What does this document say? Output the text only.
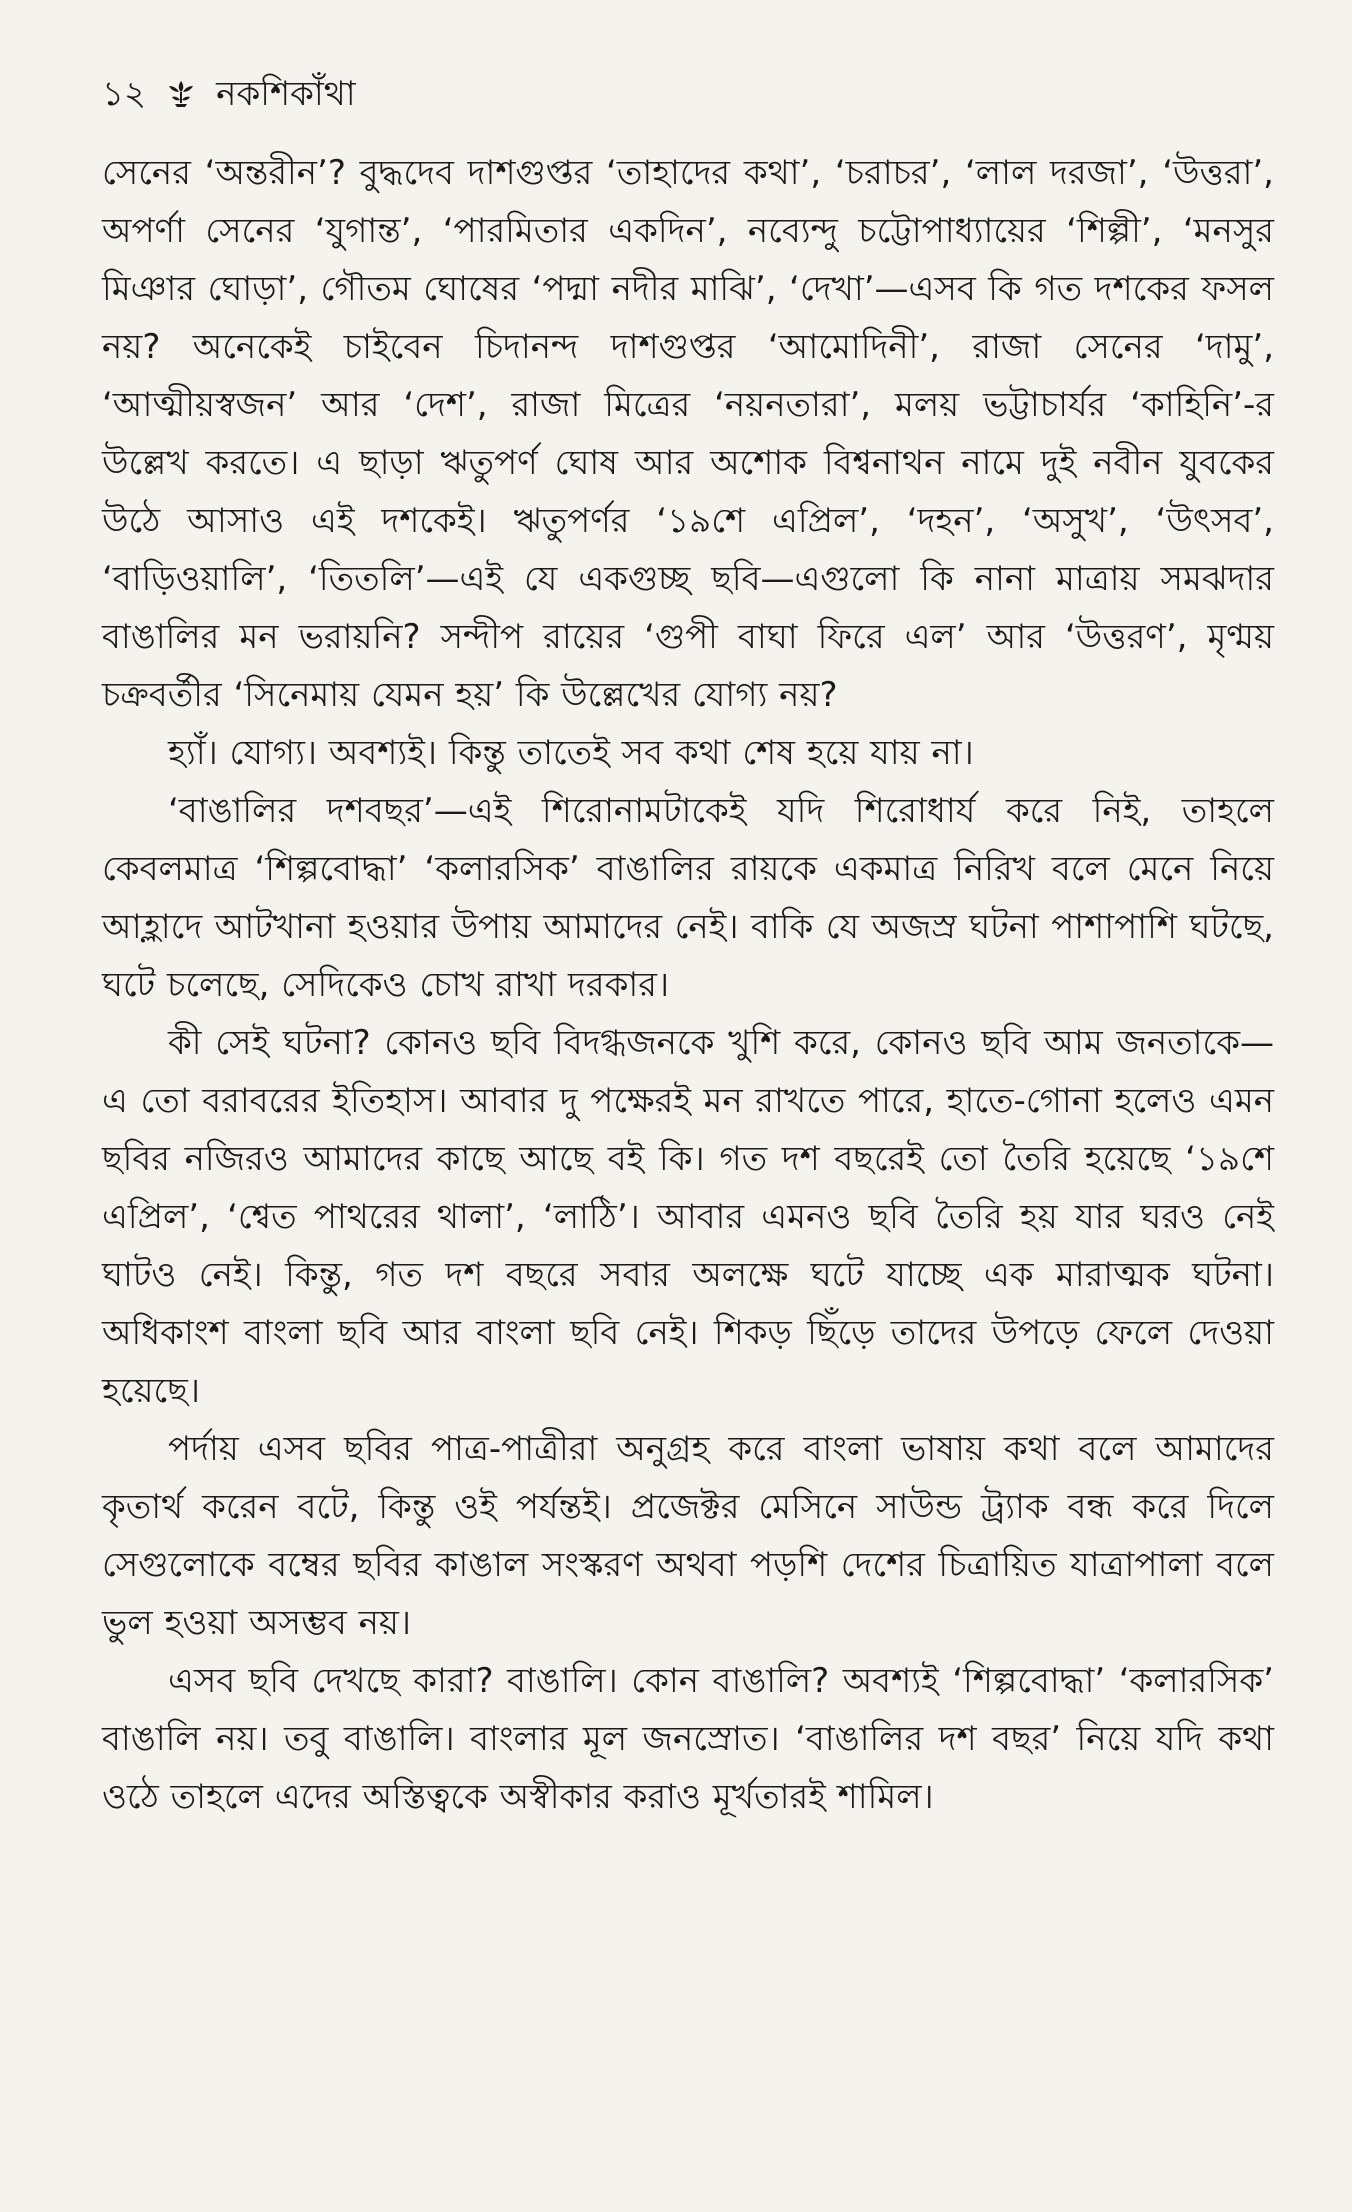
১২ নকশিকাঁথা

সেনের ‘অন্তরীন’? বুদ্ধদেব দাশগুপ্তর ‘তাহাদের কথা’, ‘চরাচর’, ‘লাল দরজা’, ‘উত্তরা’, অপর্ণা সেনের ‘যুগান্ত’, ‘পারমিতার একদিন’, নব্যেন্দু চট্টোপাধ্যায়ের ‘শিল্পী’, ‘মনসুর মিঞার ঘোড়া’, গৌতম ঘোষের ‘পদ্মা নদীর মাঝি’, ‘দেখা’—এসব কি গত দশকের ফসল নয়? অনেকেই চাইবেন চিদানন্দ দাশগুপ্তর ‘আমোদিনী’, রাজা সেনের ‘দামু’, ‘আত্মীয়স্বজন’ আর ‘দেশ’, রাজা মিত্রের ‘নয়নতারা’, মলয় ভট্টাচার্যর ‘কাহিনি’-র উল্লেখ করতে। এ ছাড়া ঋতুপর্ণ ঘোষ আর অশোক বিশ্বনাথন নামে দুই নবীন যুবকের উঠে আসাও এই দশকেই। ঋতুপর্ণর ‘১৯শে এপ্রিল’, ‘দহন’, ‘অসুখ’, ‘উৎসব’, ‘বাড়িওয়ালি’, ‘তিতলি’—এই যে একগুচ্ছ ছবি—এগুলো কি নানা মাত্রায় সমঝদার বাঙালির মন ভরায়নি? সন্দীপ রায়ের ‘গুপী বাঘা ফিরে এল’ আর ‘উত্তরণ’, মৃণ্ময় চক্রবর্তীর ‘সিনেমায় যেমন হয়’ কি উল্লেখের যোগ্য নয়?

হ্যাঁ। যোগ্য। অবশ্যই। কিন্তু তাতেই সব কথা শেষ হয়ে যায় না।

‘বাঙালির দশবছর’—এই শিরোনামটাকেই যদি শিরোধার্য করে নিই, তাহলে কেবলমাত্র ‘শিল্পবোদ্ধা’ ‘কলারসিক’ বাঙালির রায়কে একমাত্র নিরিখ বলে মেনে নিয়ে আহ্লাদে আটখানা হওয়ার উপায় আমাদের নেই। বাকি যে অজস্র ঘটনা পাশাপাশি ঘটছে, ঘটে চলেছে, সেদিকেও চোখ রাখা দরকার।

কী সেই ঘটনা? কোনও ছবি বিদগ্ধজনকে খুশি করে, কোনও ছবি আম জনতাকে—এ তো বরাবরের ইতিহাস। আবার দু পক্ষেরই মন রাখতে পারে, হাতে-গোনা হলেও এমন ছবির নজিরও আমাদের কাছে আছে বই কি। গত দশ বছরেই তো তৈরি হয়েছে ‘১৯শে এপ্রিল’, ‘শ্বেত পাথরের থালা’, ‘লাঠি’। আবার এমনও ছবি তৈরি হয় যার ঘরও নেই ঘাটও নেই। কিন্তু, গত দশ বছরে সবার অলক্ষে ঘটে যাচ্ছে এক মারাত্মক ঘটনা। অধিকাংশ বাংলা ছবি আর বাংলা ছবি নেই। শিকড় ছিঁড়ে তাদের উপড়ে ফেলে দেওয়া হয়েছে।

পর্দায় এসব ছবির পাত্র-পাত্রীরা অনুগ্রহ করে বাংলা ভাষায় কথা বলে আমাদের কৃতার্থ করেন বটে, কিন্তু ওই পর্যন্তই। প্রজেক্টর মেসিনে সাউন্ড ট্র্যাক বন্ধ করে দিলে সেগুলোকে বম্বের ছবির কাঙাল সংস্করণ অথবা পড়শি দেশের চিত্রায়িত যাত্রাপালা বলে ভুল হওয়া অসম্ভব নয়।

এসব ছবি দেখছে কারা? বাঙালি। কোন বাঙালি? অবশ্যই ‘শিল্পবোদ্ধা’ ‘কলারসিক’ বাঙালি নয়। তবু বাঙালি। বাংলার মূল জনস্রোত। ‘বাঙালির দশ বছর’ নিয়ে যদি কথা ওঠে তাহলে এদের অস্তিত্বকে অস্বীকার করাও মূর্খতারই শামিল।
